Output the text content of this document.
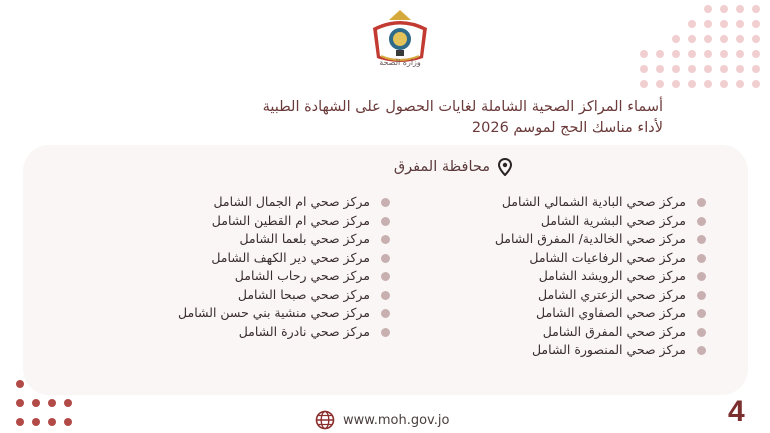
وزارة الصحة
أسماء المراكز الصحية الشاملة لغايات الحصول على الشهادة الطبية
لأداء مناسك الحج لموسم 2026
محافظة المفرق
مركز صحي البادية الشمالي الشامل
مركز صحي البشرية الشامل
مركز صحي الخالدية/ المفرق الشامل
مركز صحي الرفاعيات الشامل
مركز صحي الرويشد الشامل
مركز صحي الزعتري الشامل
مركز صحي الصفاوي الشامل
مركز صحي المفرق الشامل
مركز صحي المنصورة الشامل
مركز صحي ام الجمال الشامل
مركز صحي ام القطين الشامل
مركز صحي بلعما الشامل
مركز صحي دير الكهف الشامل
مركز صحي رحاب الشامل
مركز صحي صبحا الشامل
مركز صحي منشية بني حسن الشامل
مركز صحي نادرة الشامل
www.moh.gov.jo	4
